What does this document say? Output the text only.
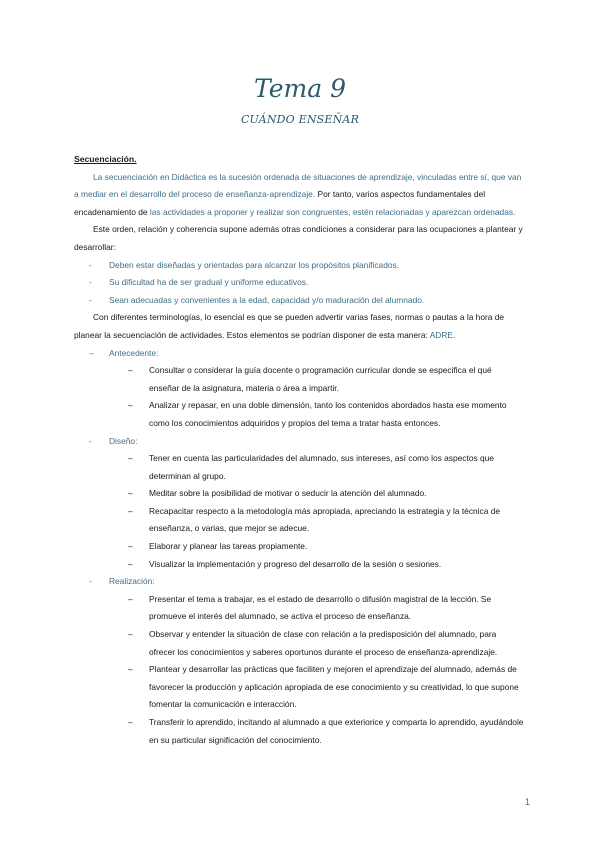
Tema 9
CUÁNDO ENSEÑAR

Secuenciación.

La secuenciación en Didáctica es la sucesión ordenada de situaciones de aprendizaje, vinculadas entre sí, que van a mediar en el desarrollo del proceso de enseñanza-aprendizaje. Por tanto, varios aspectos fundamentales del encadenamiento de las actividades a proponer y realizar son congruentes, estén relacionadas y aparezcan ordenadas.

Este orden, relación y coherencia supone además otras condiciones a considerar para las ocupaciones a plantear y desarrollar:

- Deben estar diseñadas y orientadas para alcanzar los propósitos planificados.
- Su dificultad ha de ser gradual y uniforme educativos.
- Sean adecuadas y convenientes a la edad, capacidad y/o maduración del alumnado.

Con diferentes terminologías, lo esencial es que se pueden advertir varias fases, normas o pautas a la hora de planear la secuenciación de actividades. Estos elementos se podrían disponer de esta manera: ADRE.

– Antecedente:
– Consultar o considerar la guía docente o programación curricular donde se especifica el qué enseñar de la asignatura, materia o área a impartir.
– Analizar y repasar, en una doble dimensión, tanto los contenidos abordados hasta ese momento como los conocimientos adquiridos y propios del tema a tratar hasta entonces.
- Diseño:
– Tener en cuenta las particularidades del alumnado, sus intereses, así como los aspectos que determinan al grupo.
– Meditar sobre la posibilidad de motivar o seducir la atención del alumnado.
– Recapacitar respecto a la metodología más apropiada, apreciando la estrategia y la técnica de enseñanza, o varias, que mejor se adecue.
– Elaborar y planear las tareas propiamente.
– Visualizar la implementación y progreso del desarrollo de la sesión o sesiones.
- Realización:
– Presentar el tema a trabajar, es el estado de desarrollo o difusión magistral de la lección. Se promueve el interés del alumnado, se activa el proceso de enseñanza.
– Observar y entender la situación de clase con relación a la predisposición del alumnado, para ofrecer los conocimientos y saberes oportunos durante el proceso de enseñanza-aprendizaje.
– Plantear y desarrollar las prácticas que faciliten y mejoren el aprendizaje del alumnado, además de favorecer la producción y aplicación apropiada de ese conocimiento y su creatividad, lo que supone fomentar la comunicación e interacción.
– Transferir lo aprendido, incitando al alumnado a que exteriorice y comparta lo aprendido, ayudándole en su particular significación del conocimiento.
1
